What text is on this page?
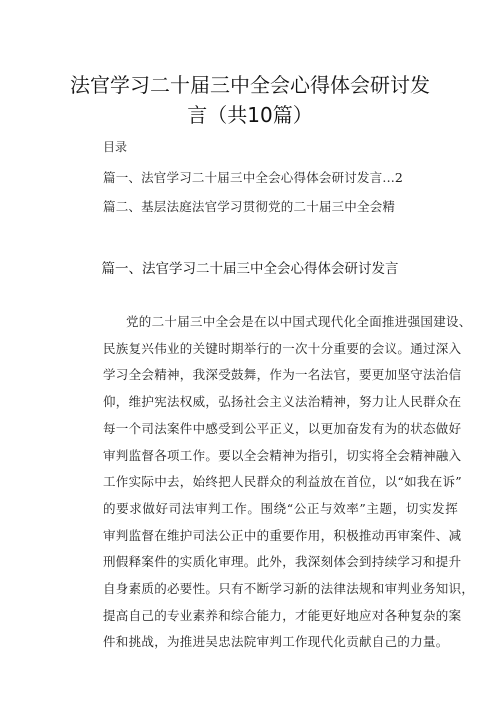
法官学习二十届三中全会心得体会研讨发
言（共10篇）
目录
篇一、法官学习二十届三中全会心得体会研讨发言...2
篇二、基层法庭法官学习贯彻党的二十届三中全会精
篇一、法官学习二十届三中全会心得体会研讨发言
党的二十届三中全会是在以中国式现代化全面推进强国建设、
民族复兴伟业的关键时期举行的一次十分重要的会议。通过深入
学习全会精神，我深受鼓舞，作为一名法官，要更加坚守法治信
仰，维护宪法权威，弘扬社会主义法治精神，努力让人民群众在
每一个司法案件中感受到公平正义，以更加奋发有为的状态做好
审判监督各项工作。要以全会精神为指引，切实将全会精神融入
工作实际中去，始终把人民群众的利益放在首位，以“如我在诉”
的要求做好司法审判工作。围绕“公正与效率”主题，切实发挥
审判监督在维护司法公正中的重要作用，积极推动再审案件、减
刑假释案件的实质化审理。此外，我深刻体会到持续学习和提升
自身素质的必要性。只有不断学习新的法律法规和审判业务知识，
提高自己的专业素养和综合能力，才能更好地应对各种复杂的案
件和挑战，为推进吴忠法院审判工作现代化贡献自己的力量。
